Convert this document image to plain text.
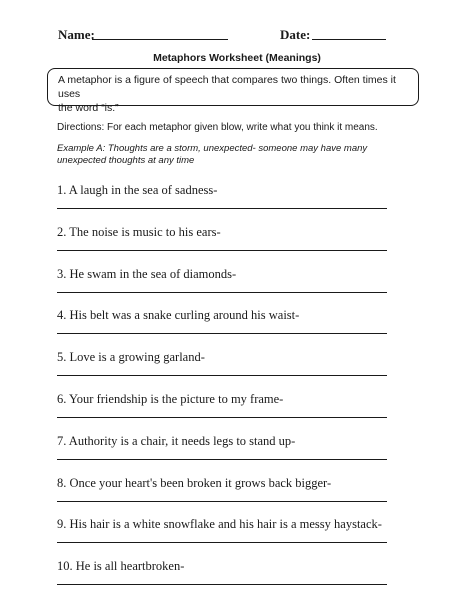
Name:	Date:
Metaphors Worksheet (Meanings)
A metaphor is a figure of speech that compares two things. Often times it uses
the word “is.”
Directions: For each metaphor given blow, write what you think it means.
Example A: Thoughts are a storm, unexpected- someone may have many
unexpected thoughts at any time
1. A laugh in the sea of sadness-
2. The noise is music to his ears-
3. He swam in the sea of diamonds-
4. His belt was a snake curling around his waist-
5. Love is a growing garland-
6. Your friendship is the picture to my frame-
7. Authority is a chair, it needs legs to stand up-
8. Once your heart's been broken it grows back bigger-
9. His hair is a white snowflake and his hair is a messy haystack-
10. He is all heartbroken-
